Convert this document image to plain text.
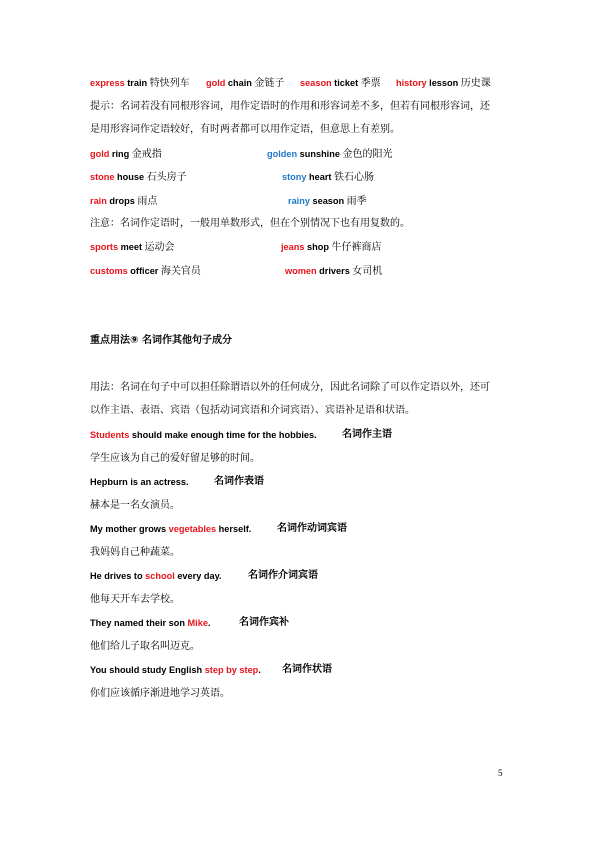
express train 特快列车 gold chain 金链子 season ticket 季票 history lesson 历史课
提示：名词若没有同根形容词，用作定语时的作用和形容词差不多，但若有同根形容词，还
是用形容词作定语较好，有时两者都可以用作定语，但意思上有差别。
gold ring 金戒指	golden sunshine 金色的阳光
stone house 石头房子	stony heart 铁石心肠
rain drops 雨点	rainy season 雨季
注意：名词作定语时，一般用单数形式，但在个别情况下也有用复数的。
sports meet 运动会	jeans shop 牛仔裤商店
customs officer 海关官员	women drivers 女司机
重点用法⑨ 名词作其他句子成分
用法：名词在句子中可以担任除谓语以外的任何成分，因此名词除了可以作定语以外，还可
以作主语、表语、宾语（包括动词宾语和介词宾语）、宾语补足语和状语。
Students should make enough time for the hobbies.	名词作主语
学生应该为自己的爱好留足够的时间。
Hepburn is an actress.	名词作表语
赫本是一名女演员。
My mother grows vegetables herself.	名词作动词宾语
我妈妈自己种蔬菜。
He drives to school every day.	名词作介词宾语
他每天开车去学校。
They named their son Mike.	名词作宾补
他们给儿子取名叫迈克。
You should study English step by step. 名词作状语
你们应该循序渐进地学习英语。
5
